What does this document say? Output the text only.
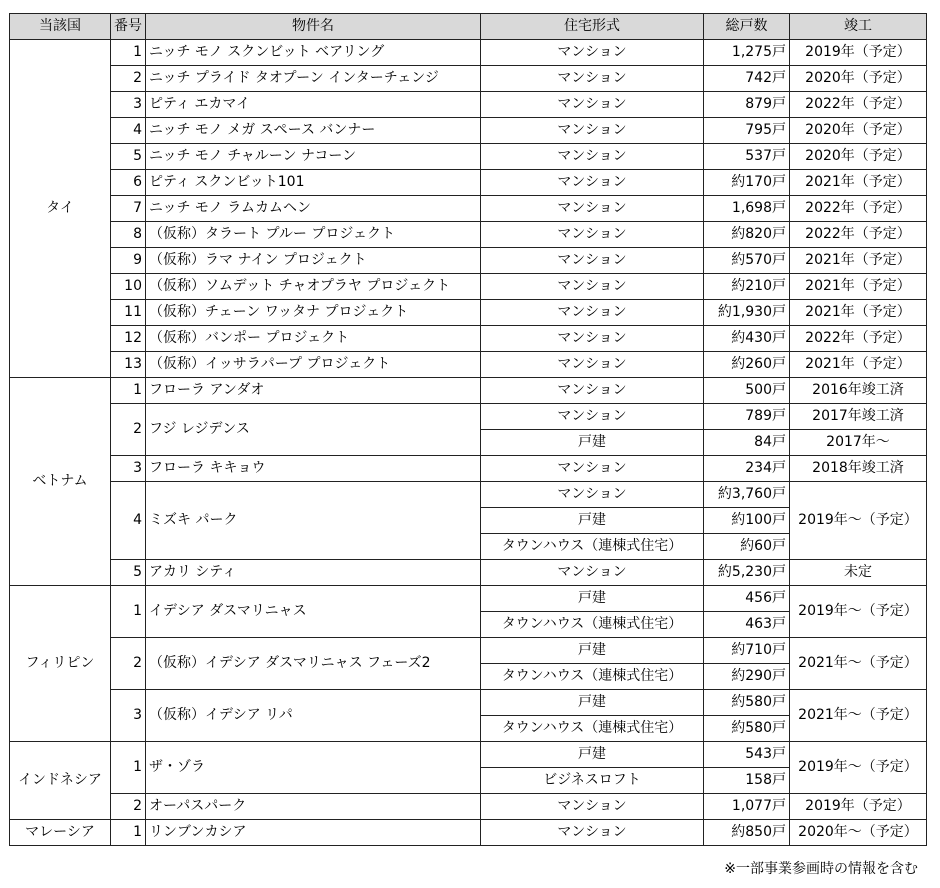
当該国	番号	物件名	住宅形式	総戸数	竣工
タイ	1	ニッチ モノ スクンビット ベアリング	マンション	1,275戸	2019年（予定）
	2	ニッチ プライド タオプーン インターチェンジ	マンション	742戸	2020年（予定）
	3	ピティ エカマイ	マンション	879戸	2022年（予定）
	4	ニッチ モノ メガ スペース バンナー	マンション	795戸	2020年（予定）
	5	ニッチ モノ チャルーン ナコーン	マンション	537戸	2020年（予定）
	6	ピティ スクンビット101	マンション	約170戸	2021年（予定）
	7	ニッチ モノ ラムカムヘン	マンション	1,698戸	2022年（予定）
	8	（仮称）タラート プルー プロジェクト	マンション	約820戸	2022年（予定）
	9	（仮称）ラマ ナイン プロジェクト	マンション	約570戸	2021年（予定）
	10	（仮称）ソムデット チャオプラヤ プロジェクト	マンション	約210戸	2021年（予定）
	11	（仮称）チェーン ワッタナ プロジェクト	マンション	約1,930戸	2021年（予定）
	12	（仮称）バンポー プロジェクト	マンション	約430戸	2022年（予定）
	13	（仮称）イッサラパープ プロジェクト	マンション	約260戸	2021年（予定）
ベトナム	1	フローラ アンダオ	マンション	500戸	2016年竣工済
	2	フジ レジデンス	マンション	789戸	2017年竣工済
			戸建	84戸	2017年～
	3	フローラ キキョウ	マンション	234戸	2018年竣工済
	4	ミズキ パーク	マンション	約3,760戸	2019年～（予定）
			戸建	約100戸	
			タウンハウス（連棟式住宅）	約60戸	
	5	アカリ シティ	マンション	約5,230戸	未定
フィリピン	1	イデシア ダスマリニャス	戸建	456戸	2019年～（予定）
			タウンハウス（連棟式住宅）	463戸	
	2	（仮称）イデシア ダスマリニャス フェーズ2	戸建	約710戸	2021年～（予定）
			タウンハウス（連棟式住宅）	約290戸	
	3	（仮称）イデシア リパ	戸建	約580戸	2021年～（予定）
			タウンハウス（連棟式住宅）	約580戸	
インドネシア	1	ザ・ゾラ	戸建	543戸	2019年～（予定）
			ビジネスロフト	158戸	
	2	オーパスパーク	マンション	1,077戸	2019年（予定）
マレーシア	1	リンブンカシア	マンション	約850戸	2020年～（予定）
※一部事業参画時の情報を含む
